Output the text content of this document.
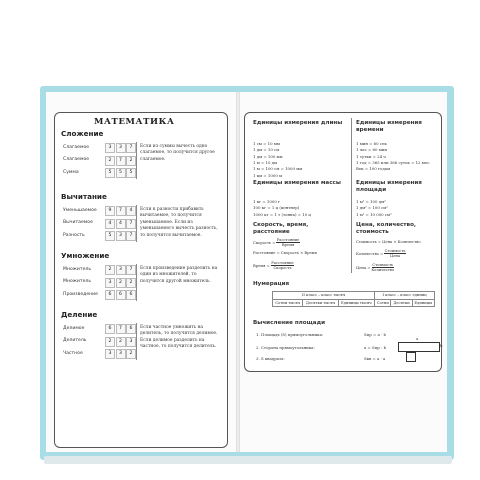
МАТЕМАТИКА
Сложение
Слагаемое	3	3	7
Слагаемое	2	7	2
Сумма	5	5	5
Если из суммы вычесть одно слагаемое, то получится другое слагаемое.
Вычитание
Уменьшаемое	9	7	4
Вычитаемое	4	4	7
Разность	5	3	7
Если к разности прибавить вычитаемое, то получится уменьшаемое. Если из уменьшаемого вычесть разность, то получится вычитаемое.
Умножение
Множитель	2	3	7
Множитель	3	2	2
Произведение	6	6	6
Если произведение разделить на один из множителей, то получится другой множитель.
Деление
Делимое	6	7	6
Делитель	2	2	3
Частное	3	3	2
Если частное умножить на делитель, то получится делимое. Если делимое разделить на частное, то получится делитель.
Единицы измерения длины
1 см = 10 мм
1 дм = 10 см
1 дм = 100 мм
1 м = 10 дм
1 м = 100 см = 1000 мм
1 км = 1000 м
Единицы измерения времени
1 мин = 60 сек
1 час = 60 мин
1 сутки = 24 ч
1 год = 365 или 366 суток = 12 мес.
Век = 100 годам
Единицы измерения массы
1 кг = 1000 г
100 кг = 1 ц (центнер)
1000 кг = 1 т (тонна) = 10 ц
Единицы измерения площади
1 м² = 100 дм²
1 дм² = 100 см²
1 м² = 10 000 см²
Скорость, время, расстояние
Скорость =
Расстояние
Время
Расстояние = Скорость × Время
Время =
Расстояние
Скорость
Цена, количество, стоимость
Стоимость = Цена × Количество
Количество =
Стоимость
Цена
Цена =
Стоимость
Количество
Нумерация
II класс – класс тысяч			I класс – класс единиц		
Сотни тысяч	Десятки тысяч	Единицы тысяч	Сотни	Десятки	Единицы
Вычисление площади
1. Площадь (S) прямоугольника:	Sпр = a · b
2. Сторона прямоугольника:	a = Sпр : b
3. S квадрата:	Sкв = a · a
a
b
